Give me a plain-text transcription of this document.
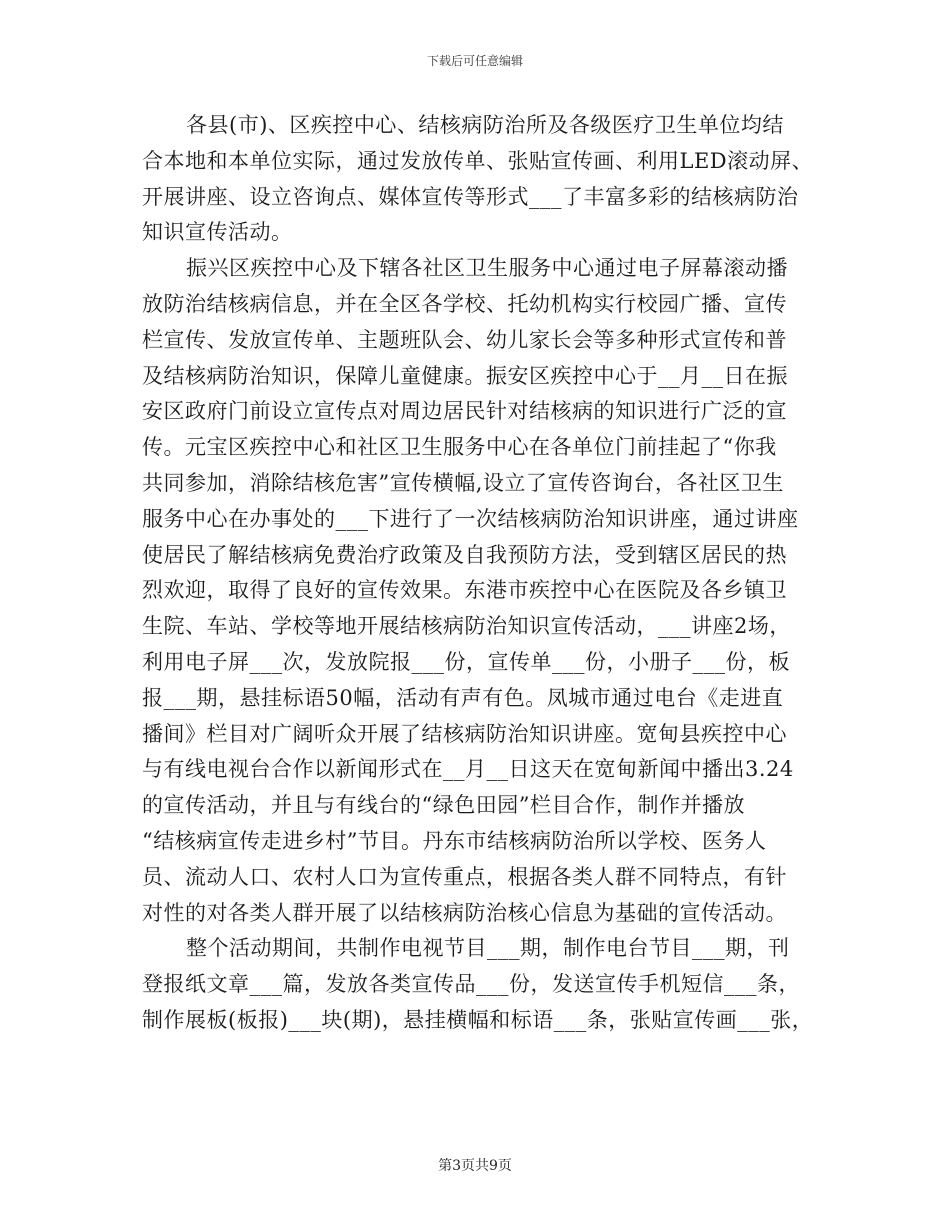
下载后可任意编辑
各县(市)、区疾控中心、结核病防治所及各级医疗卫生单位均结
合本地和本单位实际，通过发放传单、张贴宣传画、利用LED滚动屏、
开展讲座、设立咨询点、媒体宣传等形式___了丰富多彩的结核病防治
知识宣传活动。
振兴区疾控中心及下辖各社区卫生服务中心通过电子屏幕滚动播
放防治结核病信息，并在全区各学校、托幼机构实行校园广播、宣传
栏宣传、发放宣传单、主题班队会、幼儿家长会等多种形式宣传和普
及结核病防治知识，保障儿童健康。振安区疾控中心于__月__日在振
安区政府门前设立宣传点对周边居民针对结核病的知识进行广泛的宣
传。元宝区疾控中心和社区卫生服务中心在各单位门前挂起了“你我
共同参加，消除结核危害”宣传横幅,设立了宣传咨询台，各社区卫生
服务中心在办事处的___下进行了一次结核病防治知识讲座，通过讲座
使居民了解结核病免费治疗政策及自我预防方法，受到辖区居民的热
烈欢迎，取得了良好的宣传效果。东港市疾控中心在医院及各乡镇卫
生院、车站、学校等地开展结核病防治知识宣传活动，___讲座2场，
利用电子屏___次，发放院报___份，宣传单___份，小册子___份，板
报___期，悬挂标语50幅，活动有声有色。凤城市通过电台《走进直
播间》栏目对广阔听众开展了结核病防治知识讲座。宽甸县疾控中心
与有线电视台合作以新闻形式在__月__日这天在宽甸新闻中播出3.24
的宣传活动，并且与有线台的“绿色田园”栏目合作，制作并播放
“结核病宣传走进乡村”节目。丹东市结核病防治所以学校、医务人
员、流动人口、农村人口为宣传重点，根据各类人群不同特点，有针
对性的对各类人群开展了以结核病防治核心信息为基础的宣传活动。
整个活动期间，共制作电视节目___期，制作电台节目___期，刊
登报纸文章___篇，发放各类宣传品___份，发送宣传手机短信___条，
制作展板(板报)___块(期)，悬挂横幅和标语___条，张贴宣传画___张，
第3页共9页
